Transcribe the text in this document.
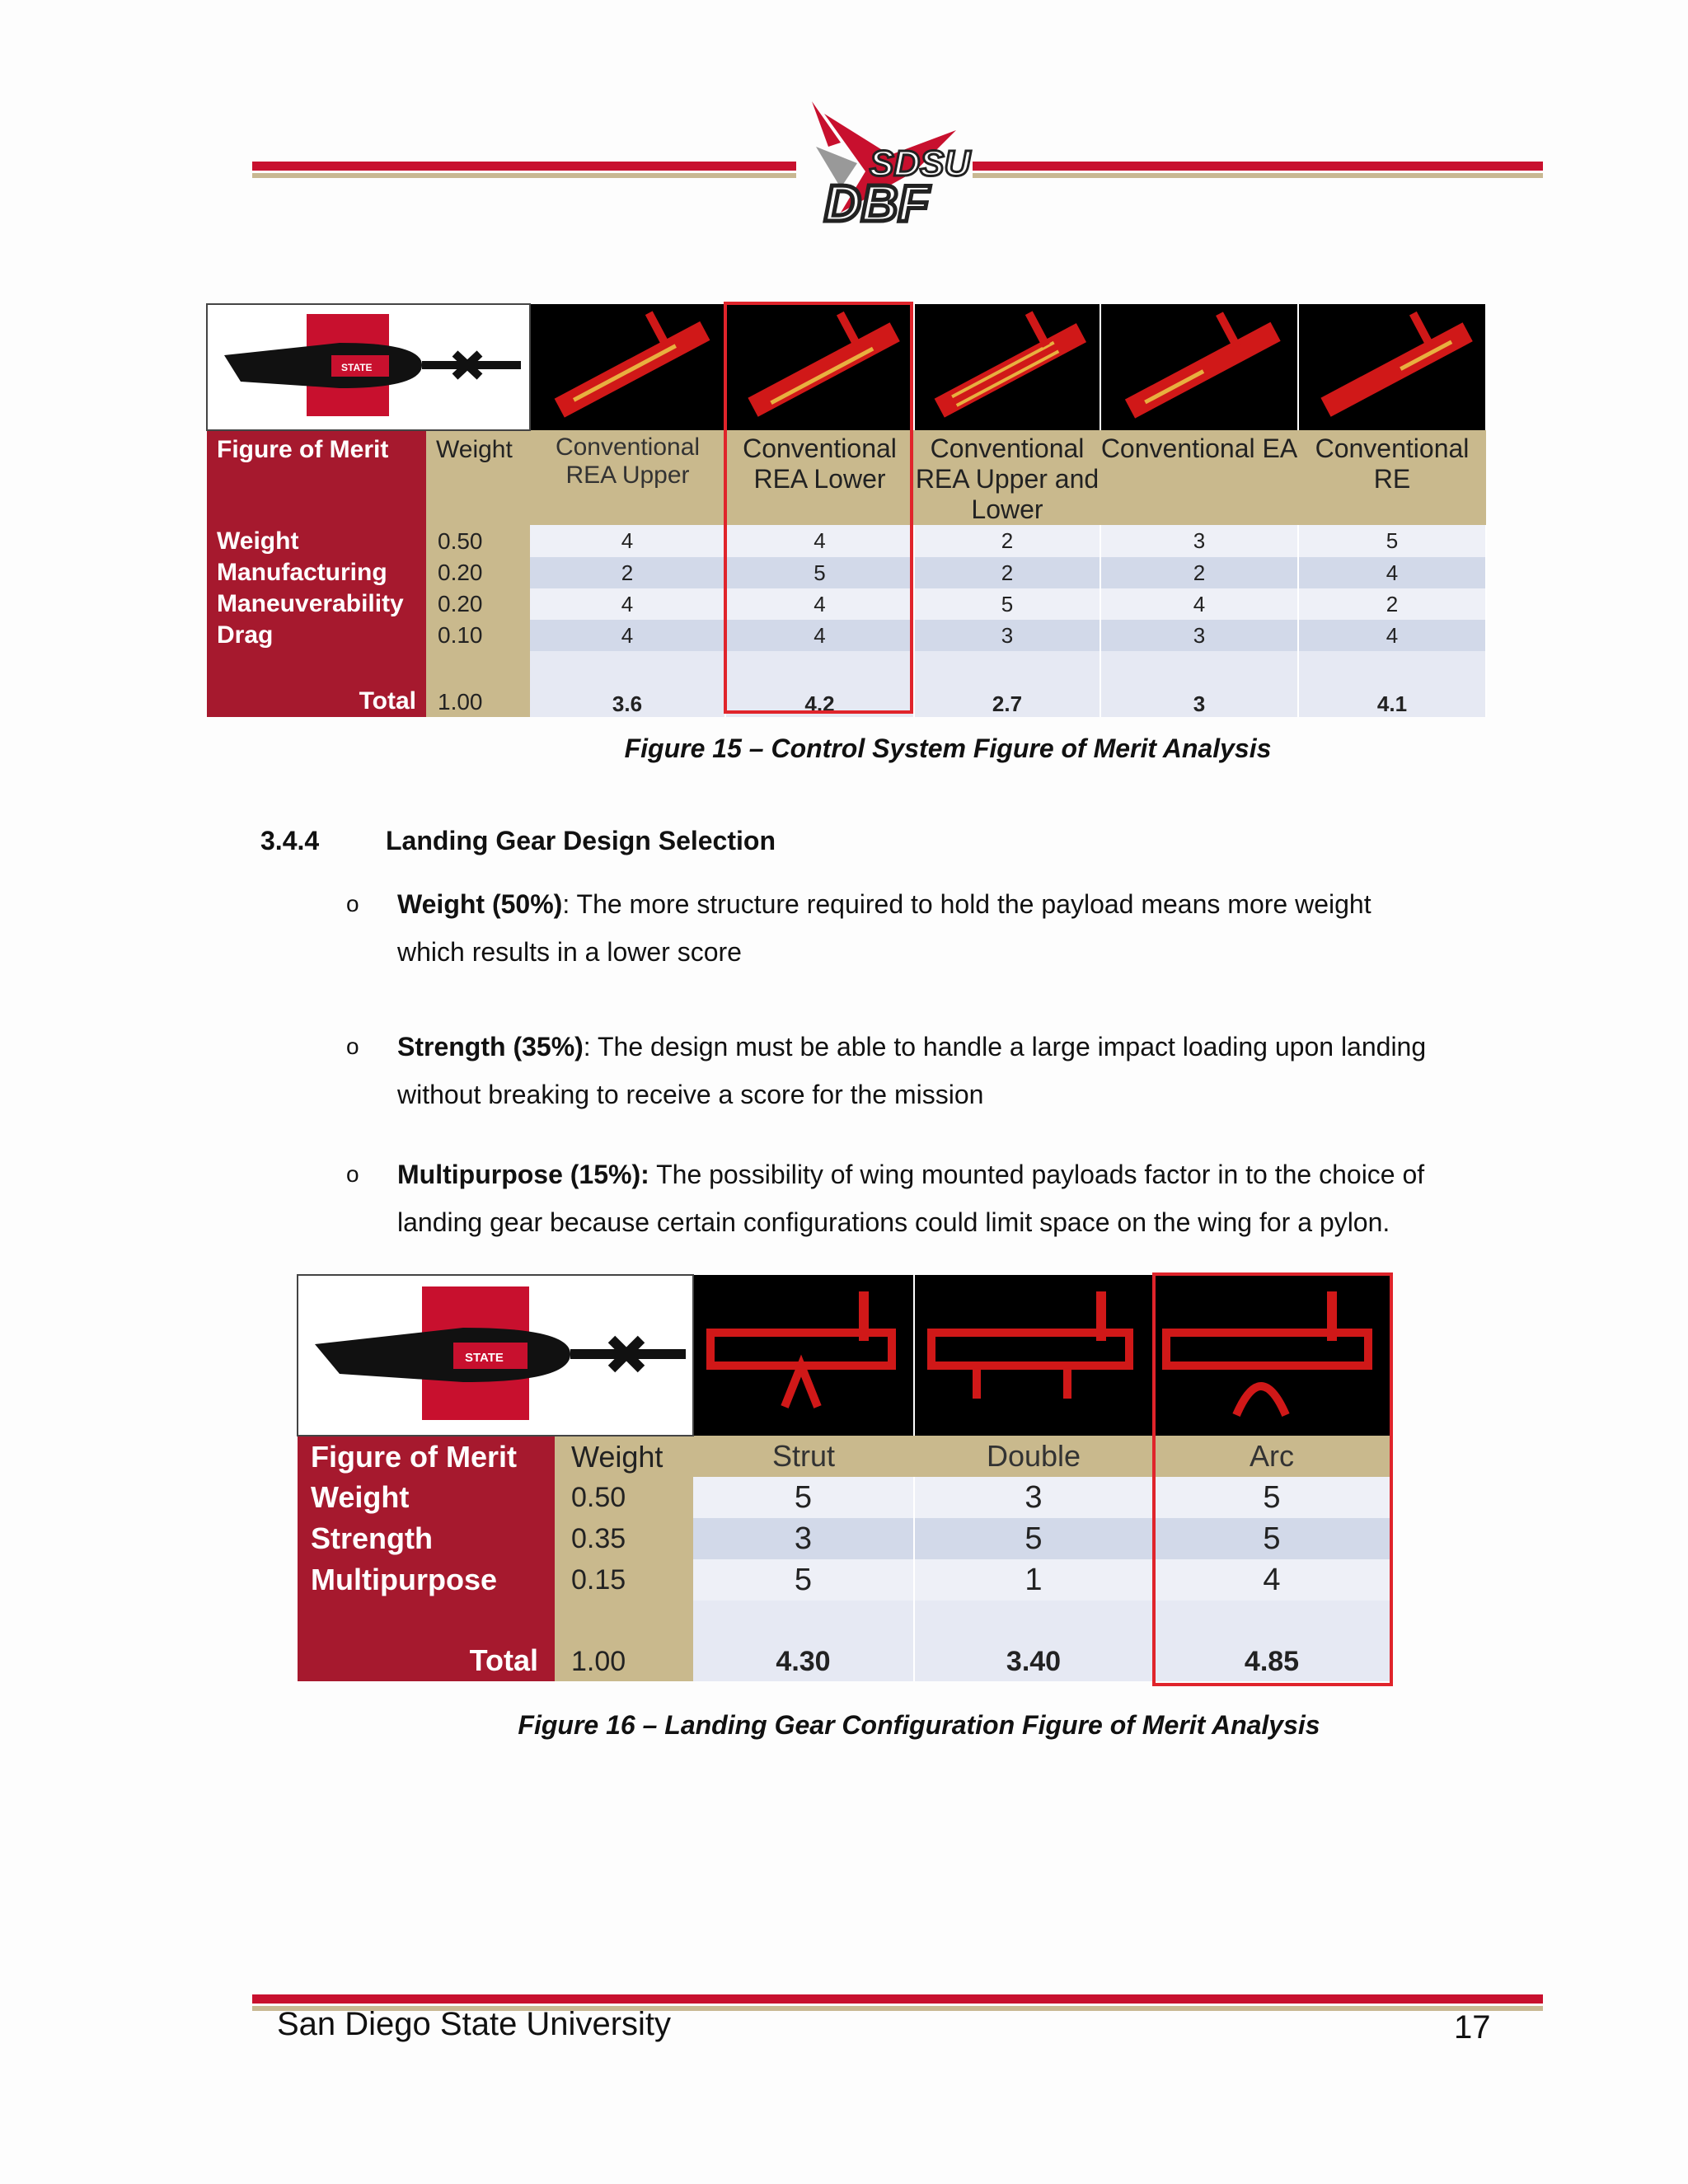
SDSU
DBF
STATE

Figure of Merit	Weight	Conventional REA Upper	Conventional REA Lower	Conventional REA Upper and Lower	Conventional EA	Conventional RE
Weight	0.50	4	4	2	3	5
Manufacturing	0.20	2	5	2	2	4
Maneuverability	0.20	4	4	5	4	2
Drag	0.10	4	4	3	3	4
Total	1.00	3.6	4.2	2.7	3	4.1
Figure 15 – Control System Figure of Merit Analysis
3.4.4	Landing Gear Design Selection
o Weight (50%): The more structure required to hold the payload means more weight
which results in a lower score
o Strength (35%): The design must be able to handle a large impact loading upon landing
without breaking to receive a score for the mission
o Multipurpose (15%): The possibility of wing mounted payloads factor in to the choice of
landing gear because certain configurations could limit space on the wing for a pylon.
STATE

Figure of Merit	Weight	Strut	Double	Arc
Weight	0.50	5	3	5
Strength	0.35	3	5	5
Multipurpose	0.15	5	1	4
Total	1.00	4.30	3.40	4.85
Figure 16 – Landing Gear Configuration Figure of Merit Analysis
San Diego State University	17
